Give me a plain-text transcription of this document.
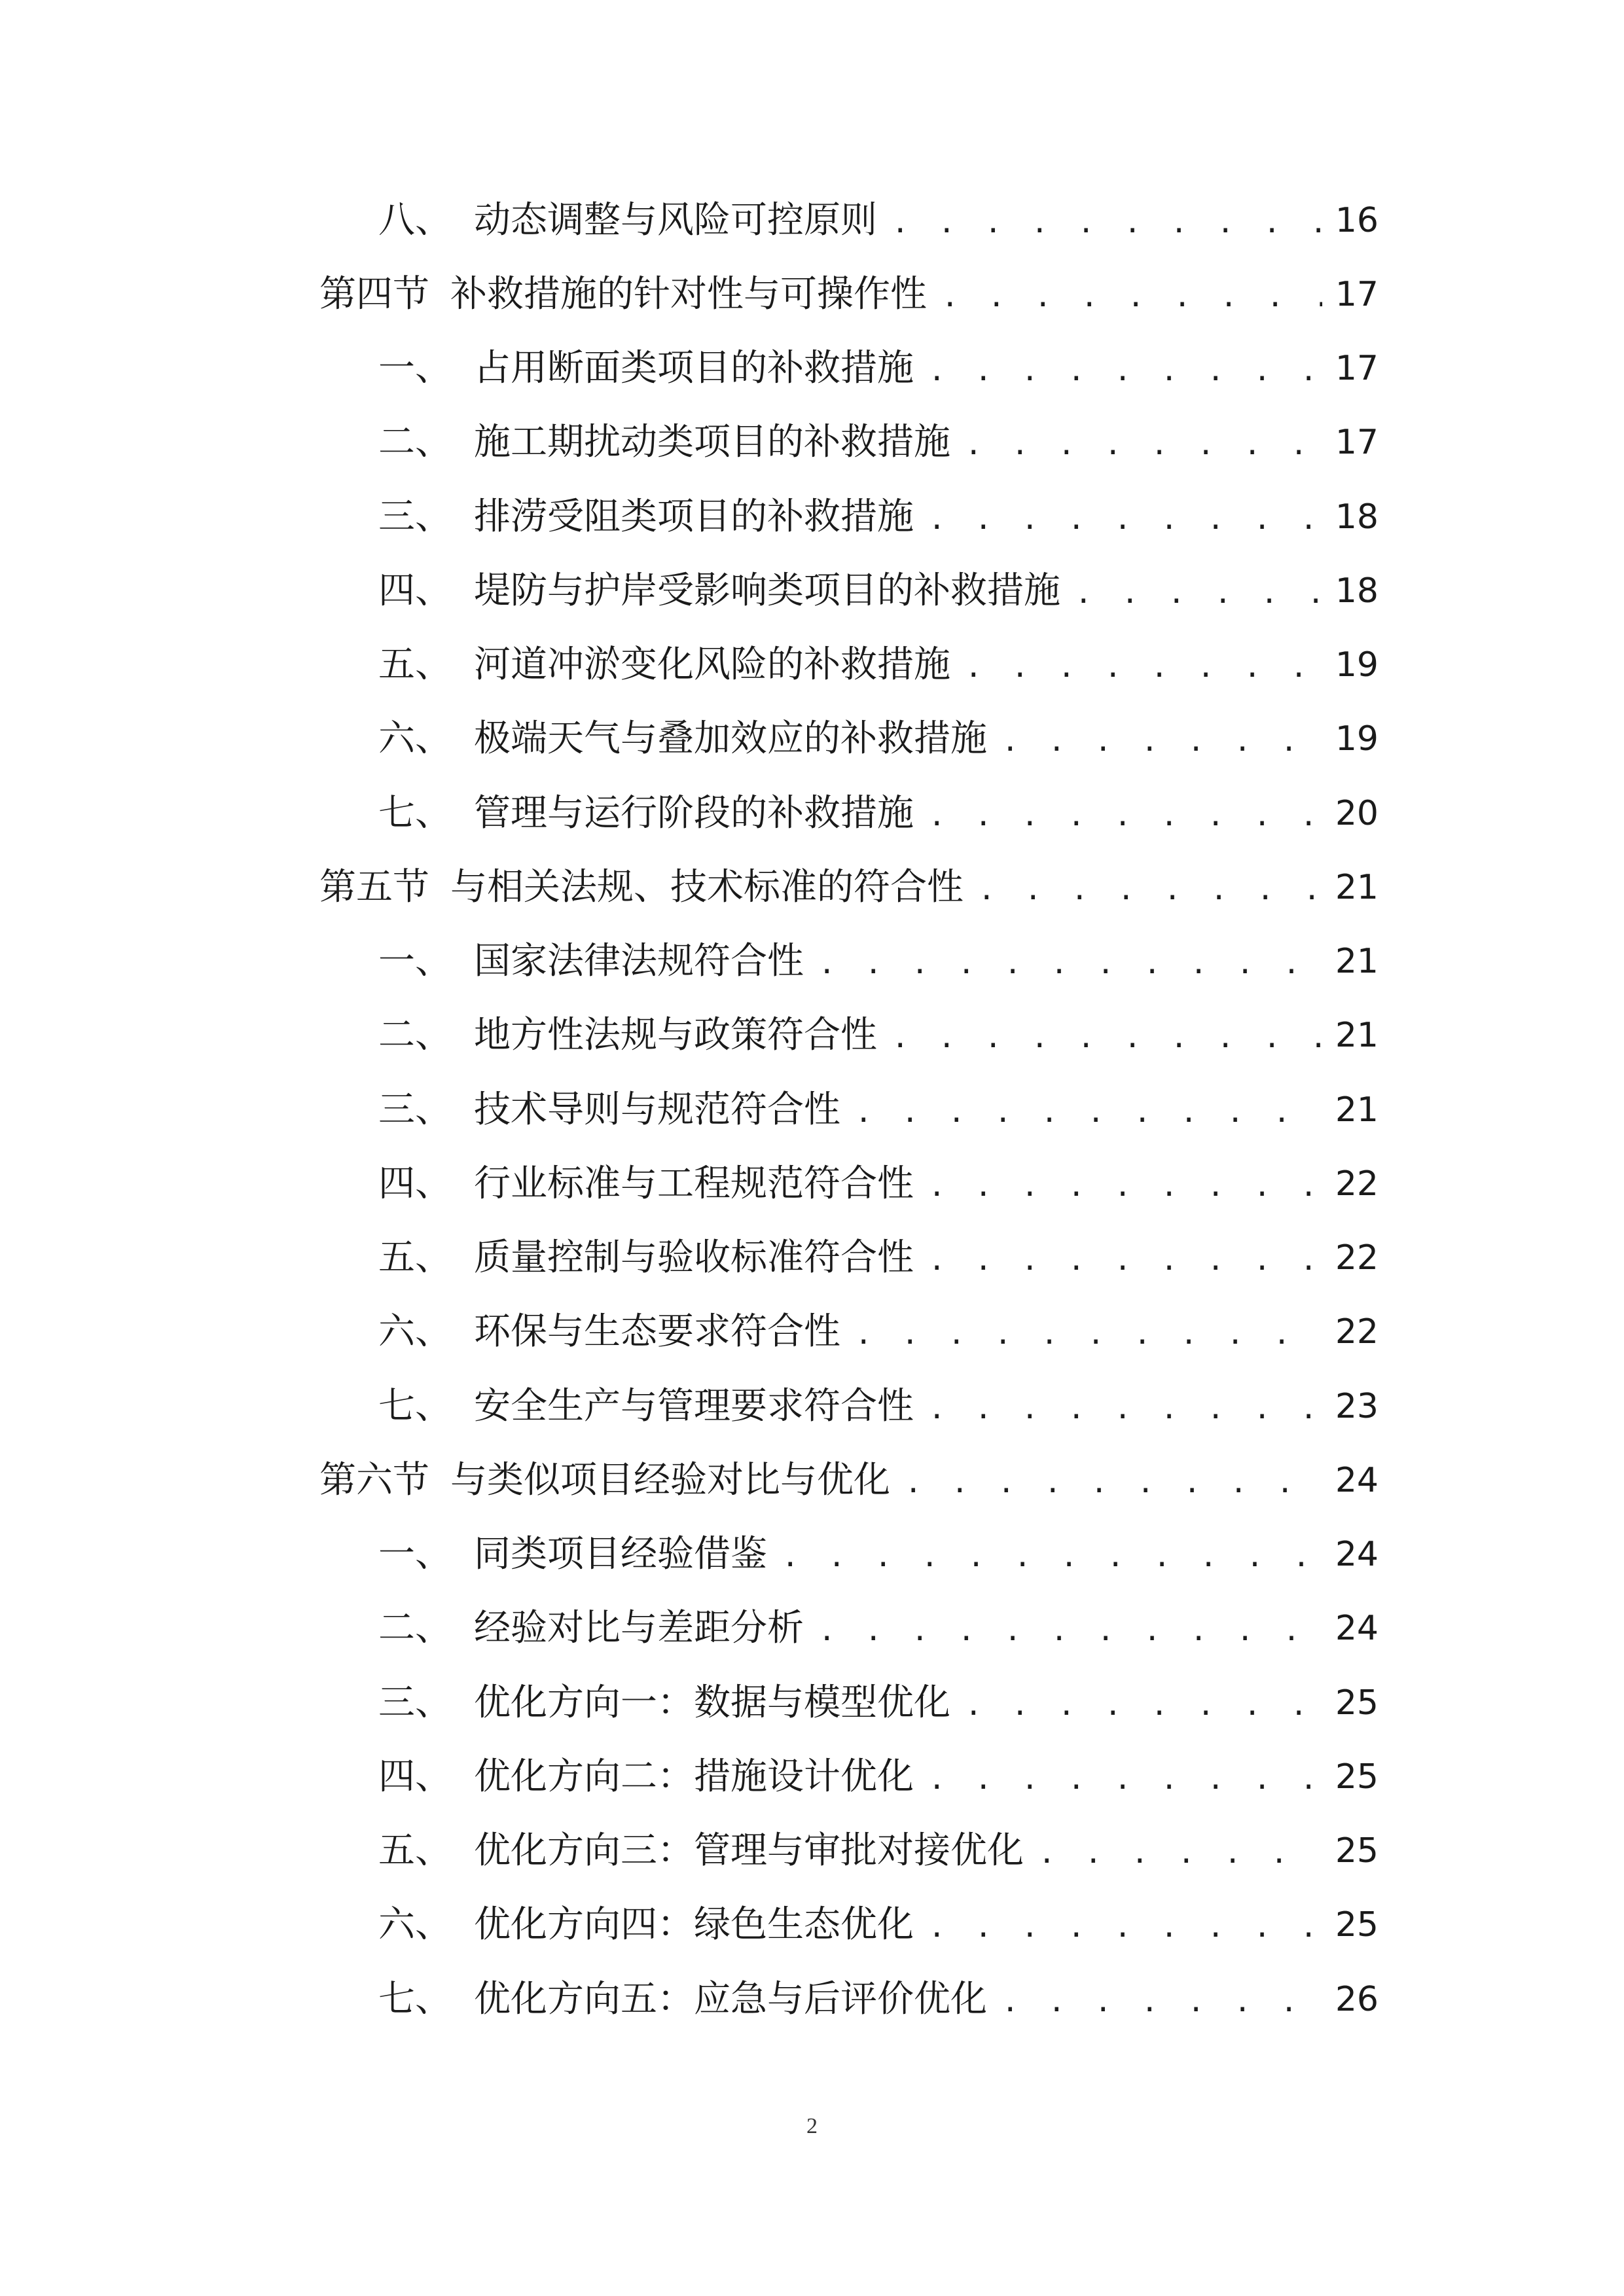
八、 动态调整与风险可控原则 . . .	16
第四节 补救措施的针对性与可操作性 . . .	17
一、 占用断面类项目的补救措施 . . .	17
二、 施工期扰动类项目的补救措施 . . .	17
三、 排涝受阻类项目的补救措施 . . .	18
四、 堤防与护岸受影响类项目的补救措施 . . .	18
五、 河道冲淤变化风险的补救措施 . . .	19
六、 极端天气与叠加效应的补救措施 . . .	19
七、 管理与运行阶段的补救措施 . . .	20
第五节 与相关法规、技术标准的符合性 . . .	21
一、 国家法律法规符合性 . . .	21
二、 地方性法规与政策符合性 . . .	21
三、 技术导则与规范符合性 . . .	21
四、 行业标准与工程规范符合性 . . .	22
五、 质量控制与验收标准符合性 . . .	22
六、 环保与生态要求符合性 . . .	22
七、 安全生产与管理要求符合性 . . .	23
第六节 与类似项目经验对比与优化 . . .	24
一、 同类项目经验借鉴 . . .	24
二、 经验对比与差距分析 . . .	24
三、 优化方向一：数据与模型优化 . . .	25
四、 优化方向二：措施设计优化 . . .	25
五、 优化方向三：管理与审批对接优化 . . .	25
六、 优化方向四：绿色生态优化 . . .	25
七、 优化方向五：应急与后评价优化 . . .	26
2
